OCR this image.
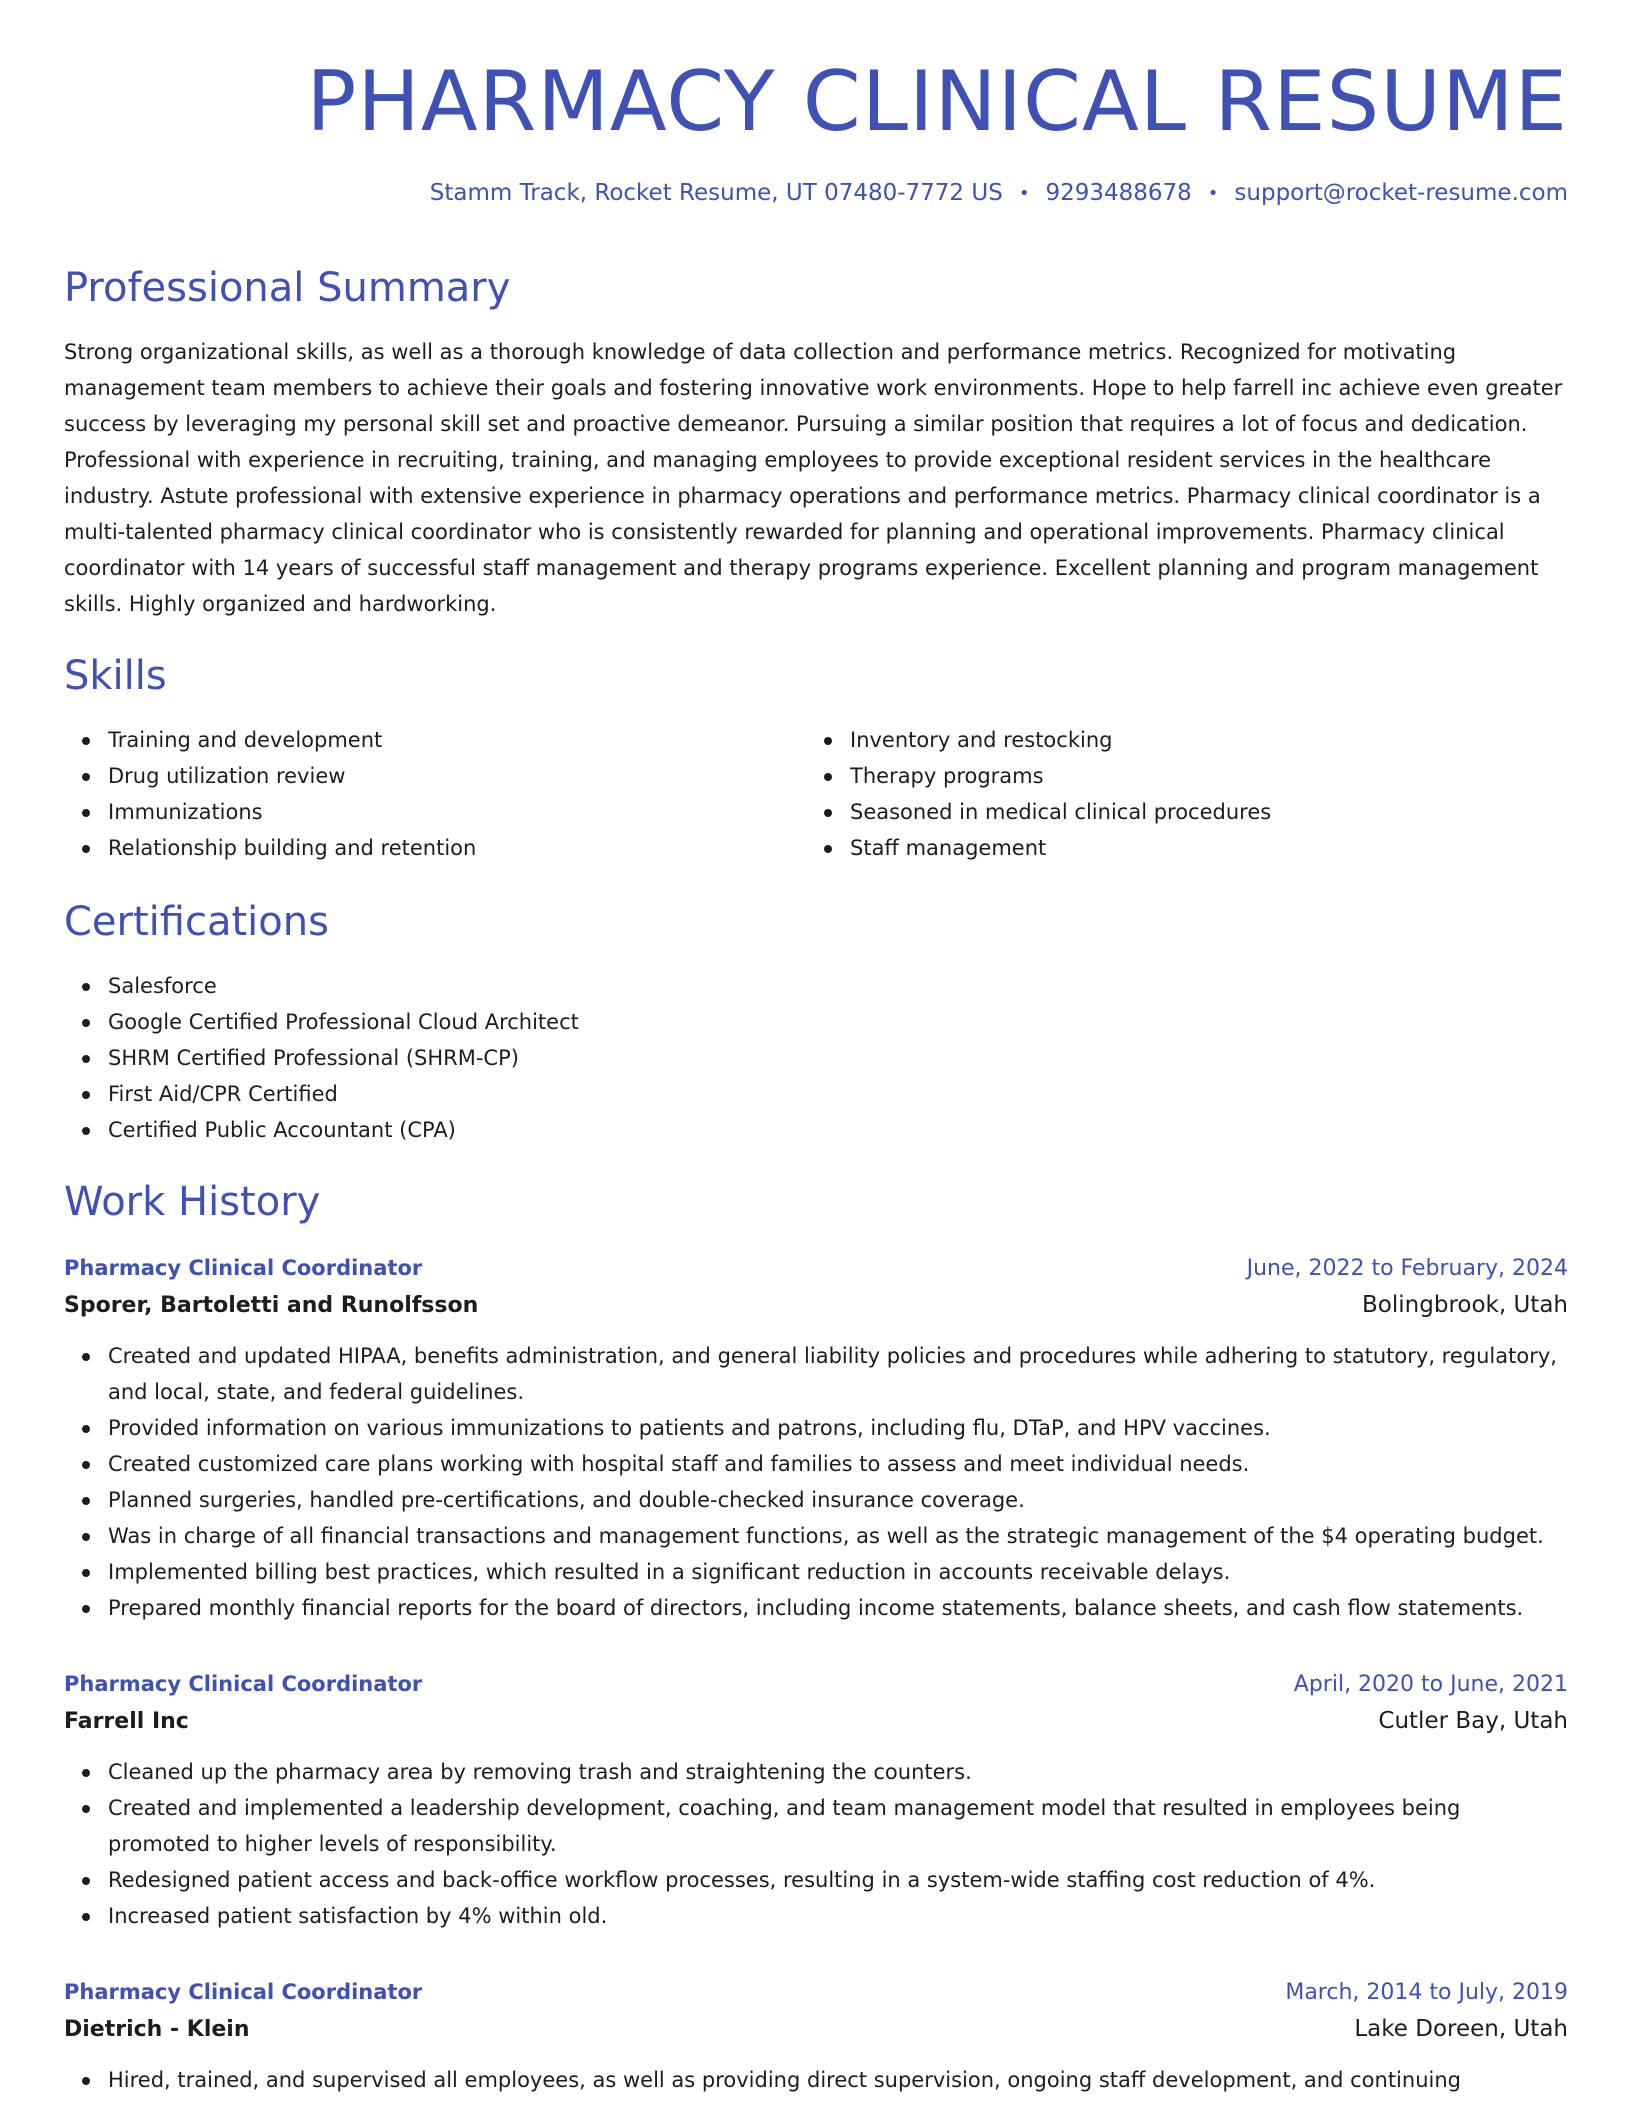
PHARMACY CLINICAL RESUME
Stamm Track, Rocket Resume, UT 07480-7772 US • 9293488678 • support@rocket-resume.com
Professional Summary

Strong organizational skills, as well as a thorough knowledge of data collection and performance metrics. Recognized for motivating management team members to achieve their goals and fostering innovative work environments. Hope to help farrell inc achieve even greater success by leveraging my personal skill set and proactive demeanor. Pursuing a similar position that requires a lot of focus and dedication. Professional with experience in recruiting, training, and managing employees to provide exceptional resident services in the healthcare industry. Astute professional with extensive experience in pharmacy operations and performance metrics. Pharmacy clinical coordinator is a multi-talented pharmacy clinical coordinator who is consistently rewarded for planning and operational improvements. Pharmacy clinical coordinator with 14 years of successful staff management and therapy programs experience. Excellent planning and program management skills. Highly organized and hardworking.

Skills
Training and development
Drug utilization review
Immunizations
Relationship building and retention
Inventory and restocking
Therapy programs
Seasoned in medical clinical procedures
Staff management
Certifications
Salesforce
Google Certified Professional Cloud Architect
SHRM Certified Professional (SHRM-CP)
First Aid/CPR Certified
Certified Public Accountant (CPA)
Work History
Pharmacy Clinical Coordinator	June, 2022 to February, 2024
Sporer, Bartoletti and Runolfsson	Bolingbrook, Utah
Created and updated HIPAA, benefits administration, and general liability policies and procedures while adhering to statutory, regulatory, and local, state, and federal guidelines.
Provided information on various immunizations to patients and patrons, including flu, DTaP, and HPV vaccines.
Created customized care plans working with hospital staff and families to assess and meet individual needs.
Planned surgeries, handled pre-certifications, and double-checked insurance coverage.
Was in charge of all financial transactions and management functions, as well as the strategic management of the $4 operating budget.
Implemented billing best practices, which resulted in a significant reduction in accounts receivable delays.
Prepared monthly financial reports for the board of directors, including income statements, balance sheets, and cash flow statements.
Pharmacy Clinical Coordinator	April, 2020 to June, 2021
Farrell Inc	Cutler Bay, Utah
Cleaned up the pharmacy area by removing trash and straightening the counters.
Created and implemented a leadership development, coaching, and team management model that resulted in employees being promoted to higher levels of responsibility.
Redesigned patient access and back-office workflow processes, resulting in a system-wide staffing cost reduction of 4%.
Increased patient satisfaction by 4% within old.
Pharmacy Clinical Coordinator	March, 2014 to July, 2019
Dietrich - Klein	Lake Doreen, Utah
Hired, trained, and supervised all employees, as well as providing direct supervision, ongoing staff development, and continuing
